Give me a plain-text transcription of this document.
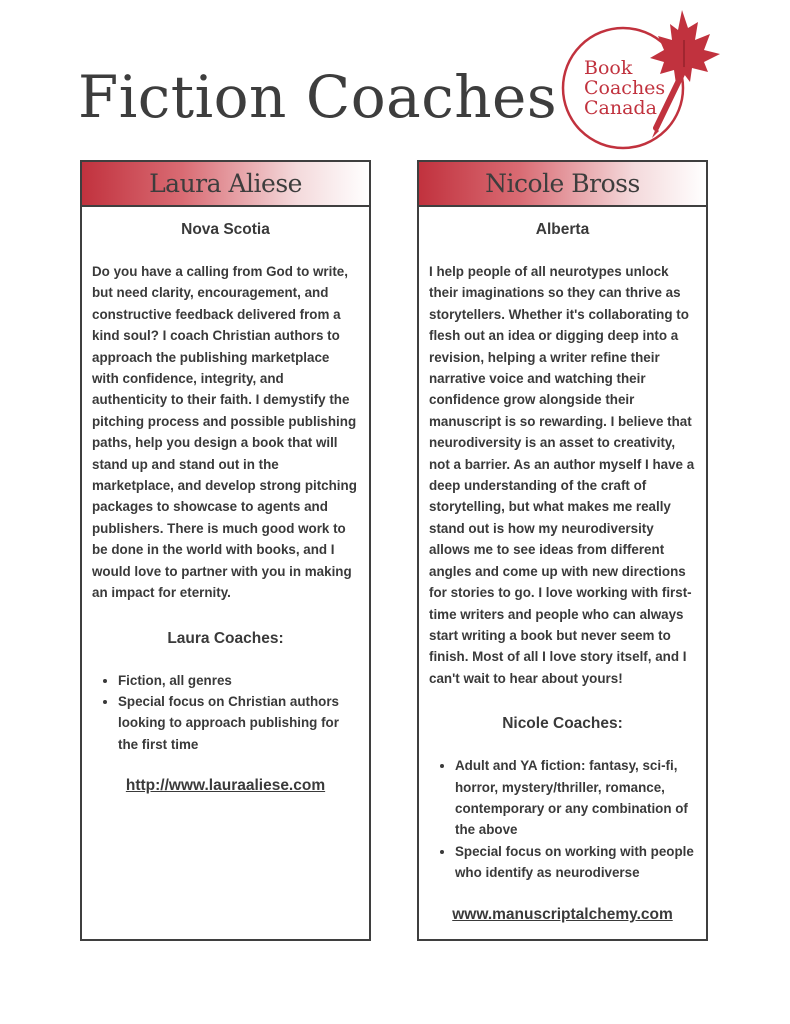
Fiction Coaches Book
Coaches
Canada
Laura Aliese
Nova Scotia
Do you have a calling from God to write, but need clarity, encouragement, and constructive feedback delivered from a kind soul? I coach Christian authors to approach the publishing marketplace with confidence, integrity, and authenticity to their faith. I demystify the pitching process and possible publishing paths, help you design a book that will stand up and stand out in the marketplace, and develop strong pitching packages to showcase to agents and publishers. There is much good work to be done in the world with books, and I would love to partner with you in making an impact for eternity.
Laura Coaches:
• Fiction, all genres
• Special focus on Christian authors looking to approach publishing for the first time
http://www.lauraaliese.com
Nicole Bross
Alberta
I help people of all neurotypes unlock their imaginations so they can thrive as storytellers. Whether it's collaborating to flesh out an idea or digging deep into a revision, helping a writer refine their narrative voice and watching their confidence grow alongside their manuscript is so rewarding. I believe that neurodiversity is an asset to creativity, not a barrier. As an author myself I have a deep understanding of the craft of storytelling, but what makes me really stand out is how my neurodiversity allows me to see ideas from different angles and come up with new directions for stories to go. I love working with first-time writers and people who can always start writing a book but never seem to finish. Most of all I love story itself, and I can't wait to hear about yours!
Nicole Coaches:
• Adult and YA fiction: fantasy, sci-fi, horror, mystery/thriller, romance, contemporary or any combination of the above
• Special focus on working with people who identify as neurodiverse
www.manuscriptalchemy.com
